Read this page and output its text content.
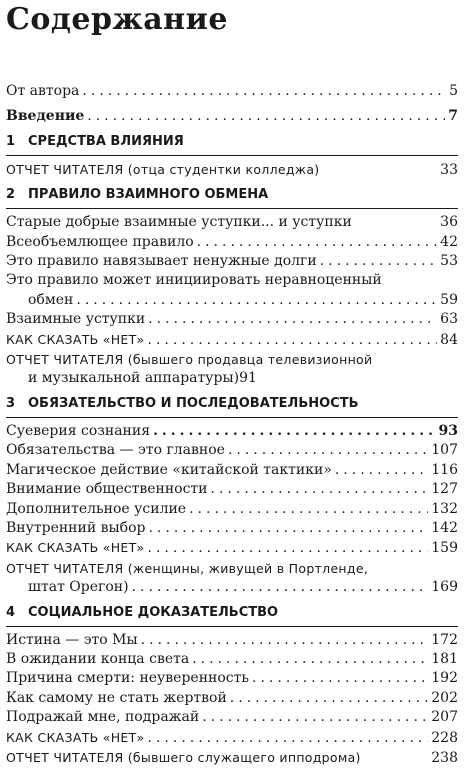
Содержание
От автора .....	5
Введение .....	7
1 СРЕДСТВА ВЛИЯНИЯ
ОТЧЕТ ЧИТАТЕЛЯ (отца студентки колледжа)	33
2 ПРАВИЛО ВЗАИМНОГО ОБМЕНА
Старые добрые взаимные уступки... и уступки	36
Всеобъемлющее правило .....	42
Это правило навязывает ненужные долги .....	53
Это правило может инициировать неравноценный
обмен .....	59
Взаимные уступки .....	63
КАК СКАЗАТЬ «НЕТ» .....	84
ОТЧЕТ ЧИТАТЕЛЯ (бывшего продавца телевизионной
и музыкальной аппаратуры) 91
3 ОБЯЗАТЕЛЬСТВО И ПОСЛЕДОВАТЕЛЬНОСТЬ
Суеверия сознания .....	93
Обязательства — это главное .....	107
Магическое действие «китайской тактики» .....	116
Внимание общественности .....	127
Дополнительное усилие .....	132
Внутренний выбор .....	142
КАК СКАЗАТЬ «НЕТ» .....	159
ОТЧЕТ ЧИТАТЕЛЯ (женщины, живущей в Портленде,
штат Орегон) .....	169
4 СОЦИАЛЬНОЕ ДОКАЗАТЕЛЬСТВО
Истина — это Мы .....	172
В ожидании конца света .....	181
Причина смерти: неуверенность .....	192
Как самому не стать жертвой .....	202
Подражай мне, подражай .....	207
КАК СКАЗАТЬ «НЕТ» .....	228
ОТЧЕТ ЧИТАТЕЛЯ (бывшего служащего ипподрома)	238
